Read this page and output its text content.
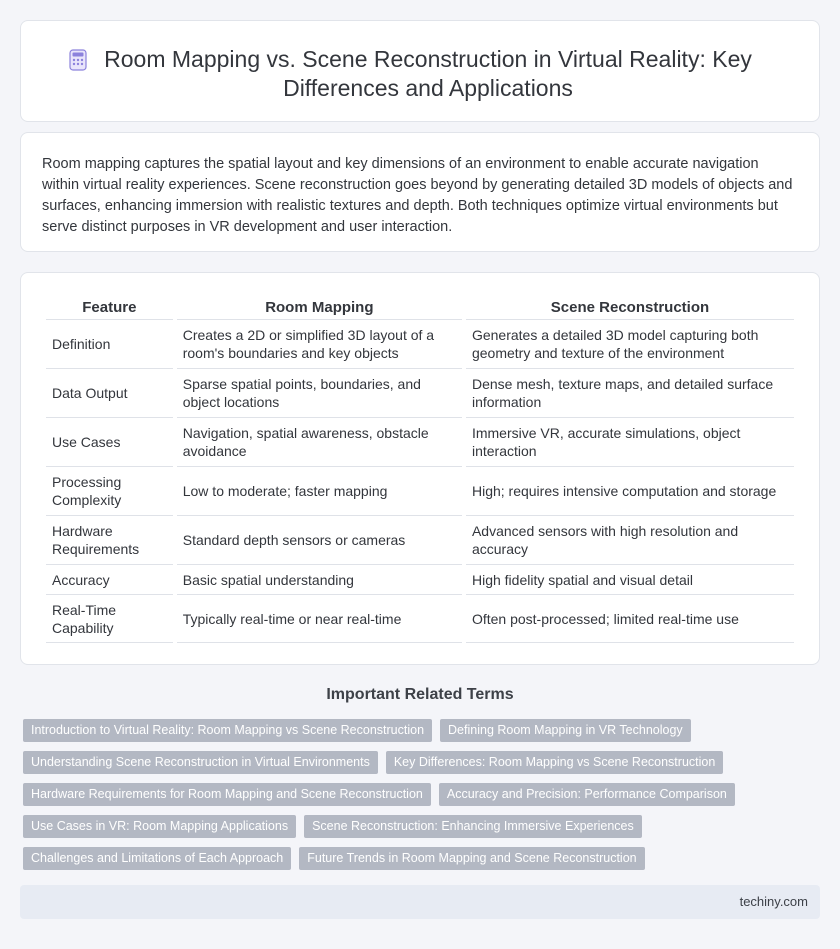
Room Mapping vs. Scene Reconstruction in Virtual Reality: Key Differences and Applications

Room mapping captures the spatial layout and key dimensions of an environment to enable accurate navigation within virtual reality experiences. Scene reconstruction goes beyond by generating detailed 3D models of objects and surfaces, enhancing immersion with realistic textures and depth. Both techniques optimize virtual environments but serve distinct purposes in VR development and user interaction.

Feature	Room Mapping	Scene Reconstruction
Definition	Creates a 2D or simplified 3D layout of a room's boundaries and key objects	Generates a detailed 3D model capturing both geometry and texture of the environment
Data Output	Sparse spatial points, boundaries, and object locations	Dense mesh, texture maps, and detailed surface information
Use Cases	Navigation, spatial awareness, obstacle avoidance	Immersive VR, accurate simulations, object interaction
Processing Complexity	Low to moderate; faster mapping	High; requires intensive computation and storage
Hardware Requirements	Standard depth sensors or cameras	Advanced sensors with high resolution and accuracy
Accuracy	Basic spatial understanding	High fidelity spatial and visual detail
Real-Time Capability	Typically real-time or near real-time	Often post-processed; limited real-time use
Important Related Terms
Introduction to Virtual Reality: Room Mapping vs Scene Reconstruction	Defining Room Mapping in VR Technology
Understanding Scene Reconstruction in Virtual Environments	Key Differences: Room Mapping vs Scene Reconstruction
Hardware Requirements for Room Mapping and Scene Reconstruction	Accuracy and Precision: Performance Comparison
Use Cases in VR: Room Mapping Applications	Scene Reconstruction: Enhancing Immersive Experiences
Challenges and Limitations of Each Approach	Future Trends in Room Mapping and Scene Reconstruction
techiny.com
